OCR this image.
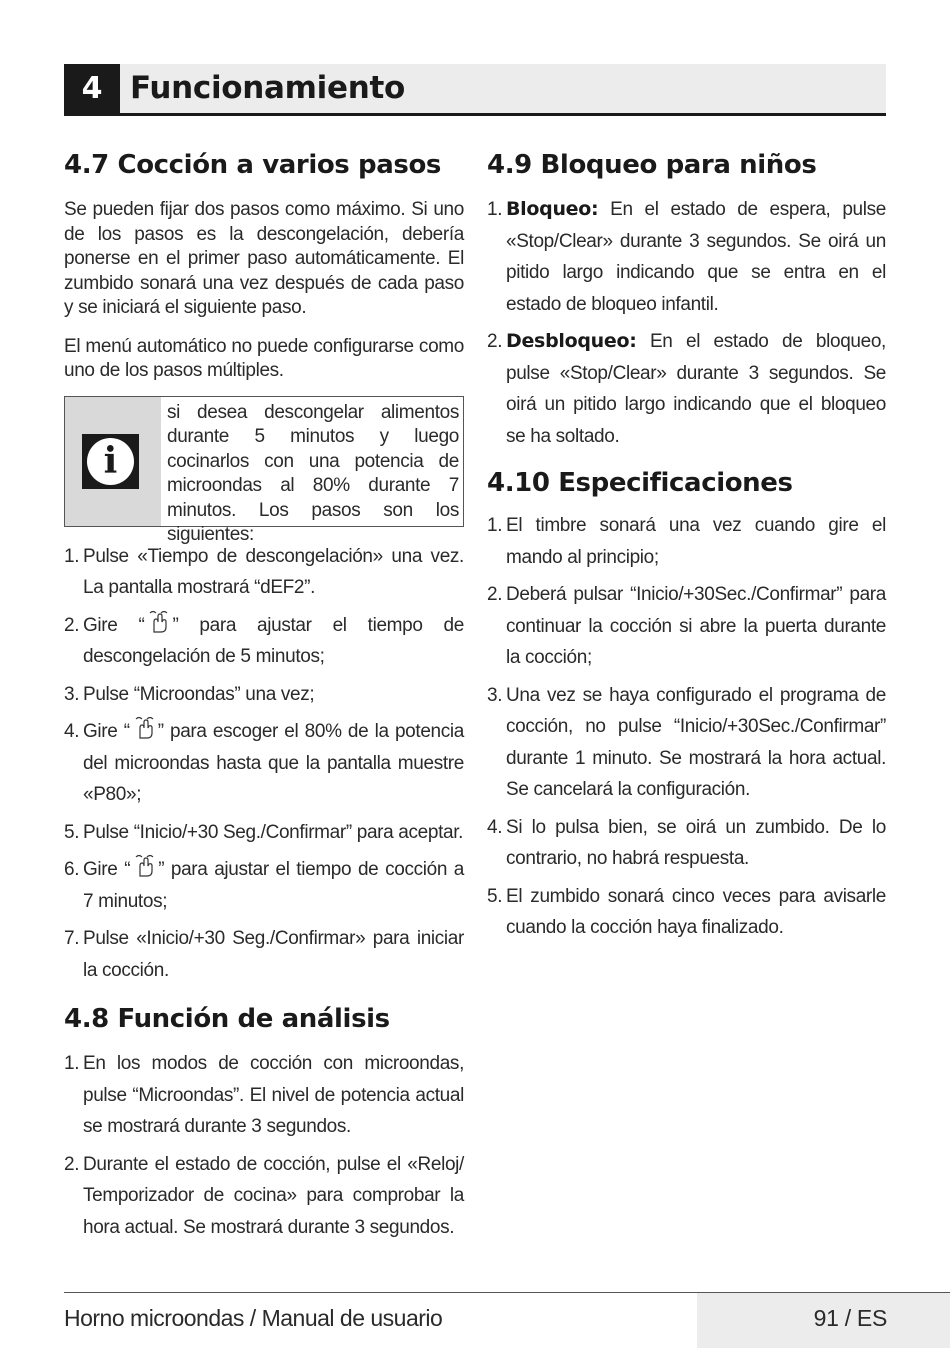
4 Funcionamiento
4.7 Cocción a varios pasos

Se pueden fijar dos pasos como máximo. Si uno de los pasos es la descongelación, debería ponerse en el primer paso automáticamente. El zumbido sonará una vez después de cada paso y se iniciará el siguiente paso.

El menú automático no puede configurarse como uno de los pasos múltiples.

i
si desea descongelar alimentos durante 5 minutos y luego cocinarlos con una potencia de microondas al 80% durante 7 minutos. Los pasos son los siguientes:
1. Pulse «Tiempo de descongelación» una vez. La pantalla mostrará “dEF2”.
2. Gire “ ” para ajustar el tiempo de descongelación de 5 minutos;
3. Pulse “Microondas” una vez;
4. Gire “ ” para escoger el 80% de la potencia del microondas hasta que la pantalla muestre «P80»;
5. Pulse “Inicio/+30 Seg./Confirmar” para aceptar.
6. Gire “ ” para ajustar el tiempo de cocción a 7 minutos;
7. Pulse «Inicio/+30 Seg./Confirmar» para iniciar la cocción.
4.8 Función de análisis
1. En los modos de cocción con microondas, pulse “Microondas”. El nivel de potencia actual se mostrará durante 3 segundos.
2. Durante el estado de cocción, pulse el «Reloj/ Temporizador de cocina» para comprobar la hora actual. Se mostrará durante 3 segundos.
4.9 Bloqueo para niños
1. Bloqueo: En el estado de espera, pulse «Stop/Clear» durante 3 segundos. Se oirá un pitido largo indicando que se entra en el estado de bloqueo infantil.
2. Desbloqueo: En el estado de bloqueo, pulse «Stop/Clear» durante 3 segundos. Se oirá un pitido largo indicando que el bloqueo se ha soltado.
4.10 Especificaciones
1. El timbre sonará una vez cuando gire el mando al principio;
2. Deberá pulsar “Inicio/+30Sec./Confirmar” para continuar la cocción si abre la puerta durante la cocción;
3. Una vez se haya configurado el programa de cocción, no pulse “Inicio/+30Sec./Confirmar” durante 1 minuto. Se mostrará la hora actual. Se cancelará la configuración.
4. Si lo pulsa bien, se oirá un zumbido. De lo contrario, no habrá respuesta.
5. El zumbido sonará cinco veces para avisarle cuando la cocción haya finalizado.
Horno microondas / Manual de usuario	91 / ES
